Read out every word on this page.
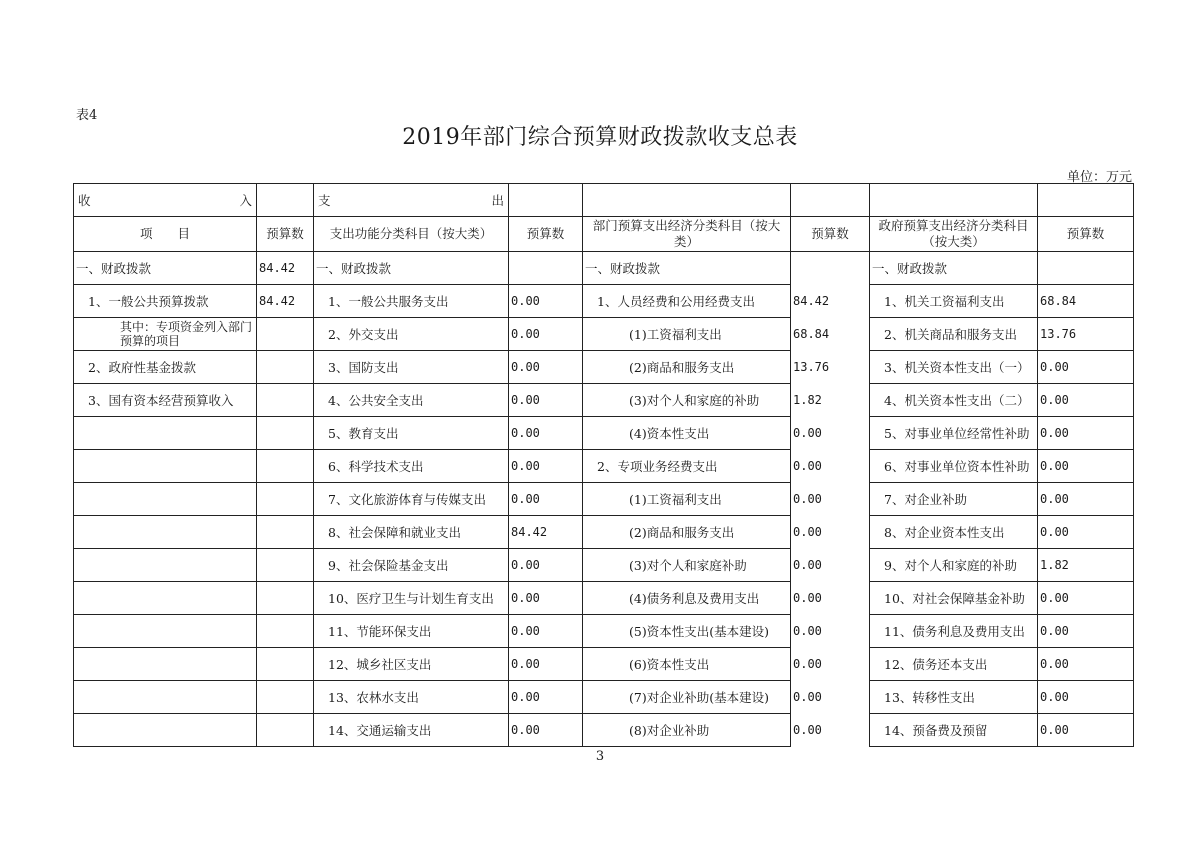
表4
2019年部门综合预算财政拨款收支总表
单位：万元
收 入		支 出					

项　　目	预算数	支出功能分类科目（按大类）	预算数	部门预算支出经济分类科目（按大类）	预算数	政府预算支出经济分类科目（按大类）	预算数
一、财政拨款	84.42	一、财政拨款		一、财政拨款		一、财政拨款	
1、一般公共预算拨款	84.42	1、一般公共服务支出	0.00	1、人员经费和公用经费支出	84.42	1、机关工资福利支出	68.84
其中：专项资金列入部门预算的项目		2、外交支出	0.00	(1)工资福利支出	68.84	2、机关商品和服务支出	13.76
2、政府性基金拨款		3、国防支出	0.00	(2)商品和服务支出	13.76	3、机关资本性支出（一）	0.00
3、国有资本经营预算收入		4、公共安全支出	0.00	(3)对个人和家庭的补助	1.82	4、机关资本性支出（二）	0.00
		5、教育支出	0.00	(4)资本性支出	0.00	5、对事业单位经常性补助	0.00
		6、科学技术支出	0.00	2、专项业务经费支出	0.00	6、对事业单位资本性补助	0.00
		7、文化旅游体育与传媒支出	0.00	(1)工资福利支出	0.00	7、对企业补助	0.00
		8、社会保障和就业支出	84.42	(2)商品和服务支出	0.00	8、对企业资本性支出	0.00
		9、社会保险基金支出	0.00	(3)对个人和家庭补助	0.00	9、对个人和家庭的补助	1.82
		10、医疗卫生与计划生育支出	0.00	(4)债务利息及费用支出	0.00	10、对社会保障基金补助	0.00
		11、节能环保支出	0.00	(5)资本性支出(基本建设)	0.00	11、债务利息及费用支出	0.00
		12、城乡社区支出	0.00	(6)资本性支出	0.00	12、债务还本支出	0.00
		13、农林水支出	0.00	(7)对企业补助(基本建设)	0.00	13、转移性支出	0.00
		14、交通运输支出	0.00	(8)对企业补助	0.00	14、预备费及预留	0.00
3
